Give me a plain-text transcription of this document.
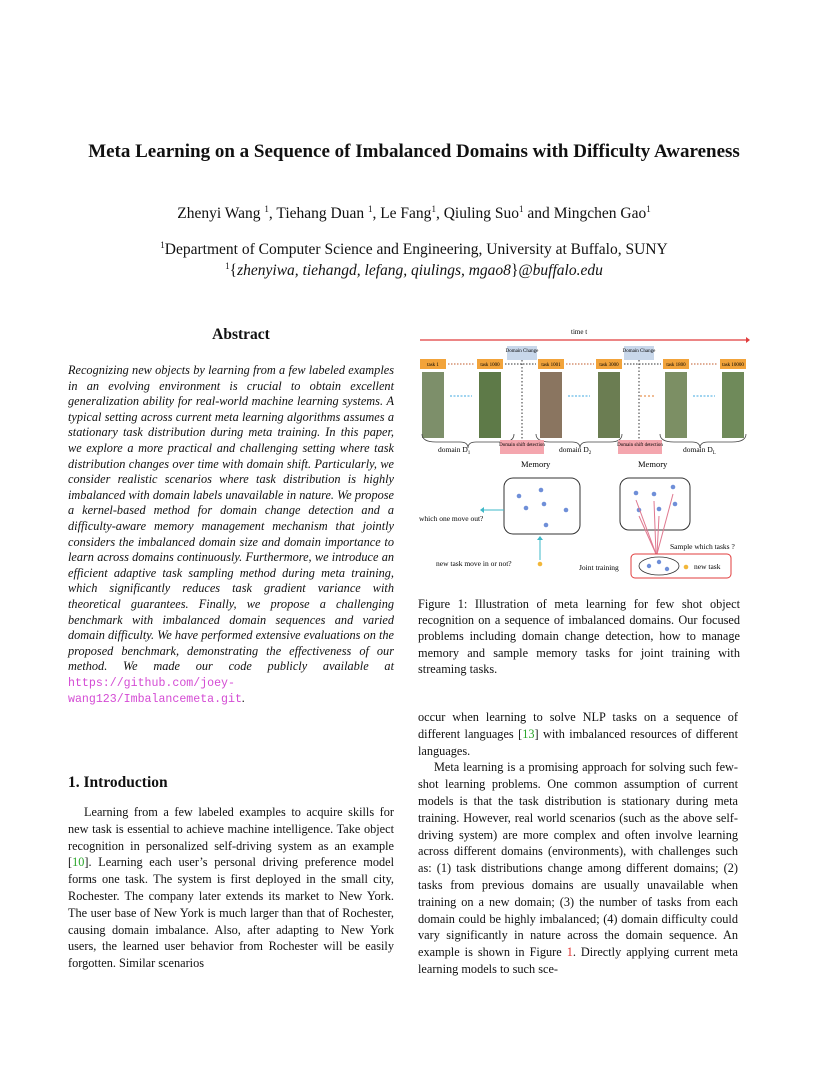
Meta Learning on a Sequence of Imbalanced Domains with Difficulty Awareness
Zhenyi Wang $^1$, Tiehang Duan $^1$, Le Fang$^1$, Qiuling Suo$^1$ and Mingchen Gao$^1$
$^1$Department of Computer Science and Engineering, University at Buffalo, SUNY
$^1${zhenyiwa, tiehangd, lefang, qiulings, mgao8}@buffalo.edu
Abstract
Recognizing new objects by learning from a few labeled examples in an evolving environment is crucial to obtain excellent generalization ability for real-world machine learning systems. A typical setting across current meta learning algorithms assumes a stationary task distribution during meta training. In this paper, we explore a more practical and challenging setting where task distribution changes over time with domain shift. Particularly, we consider realistic scenarios where task distribution is highly imbalanced with domain labels unavailable in nature. We propose a kernel-based method for domain change detection and a difficulty-aware memory management mechanism that jointly considers the imbalanced domain size and domain importance to learn across domains continuously. Furthermore, we introduce an efficient adaptive task sampling method during meta training, which significantly reduces task gradient variance with theoretical guarantees. Finally, we propose a challenging benchmark with imbalanced domain sequences and varied domain difficulty. We have performed extensive evaluations on the proposed benchmark, demonstrating the effectiveness of our method. We made our code publicly available at https://github.com/joey-wang123/Imbalancemeta.git.
1. Introduction

Learning from a few labeled examples to acquire skills for new task is essential to achieve machine intelligence. Take object recognition in personalized self-driving system as an example [10]. Learning each user’s personal driving preference model forms one task. The system is first deployed in the small city, Rochester. The company later extends its market to New York. The user base of New York is much larger than that of Rochester, causing domain imbalance. Also, after adapting to New York users, the learned user behavior from Rochester will be easily forgotten. Similar scenarios

time t
Domain Change	Domain Change
task 1	task 1000	task 1001	task 3000	task 1800	task 10000
domain $D_1$	domain $D_2$	domain $D_L$
Domain shift detection	Domain shift detection
Memory	Memory
which one move out?
new task move in or not?
Sample which tasks ?
new task
Joint training
Figure 1: Illustration of meta learning for few shot object recognition on a sequence of imbalanced domains. Our focused problems including domain change detection, how to manage memory and sample memory tasks for joint training with streaming tasks.

occur when learning to solve NLP tasks on a sequence of different languages [13] with imbalanced resources of different languages.

Meta learning is a promising approach for solving such few-shot learning problems. One common assumption of current models is that the task distribution is stationary during meta training. However, real world scenarios (such as the above self-driving system) are more complex and often involve learning across different domains (environments), with challenges such as: (1) task distributions change among different domains; (2) tasks from previous domains are usually unavailable when training on a new domain; (3) the number of tasks from each domain could be highly imbalanced; (4) domain difficulty could vary significantly in nature across the domain sequence. An example is shown in Figure 1. Directly applying current meta learning models to such sce-
